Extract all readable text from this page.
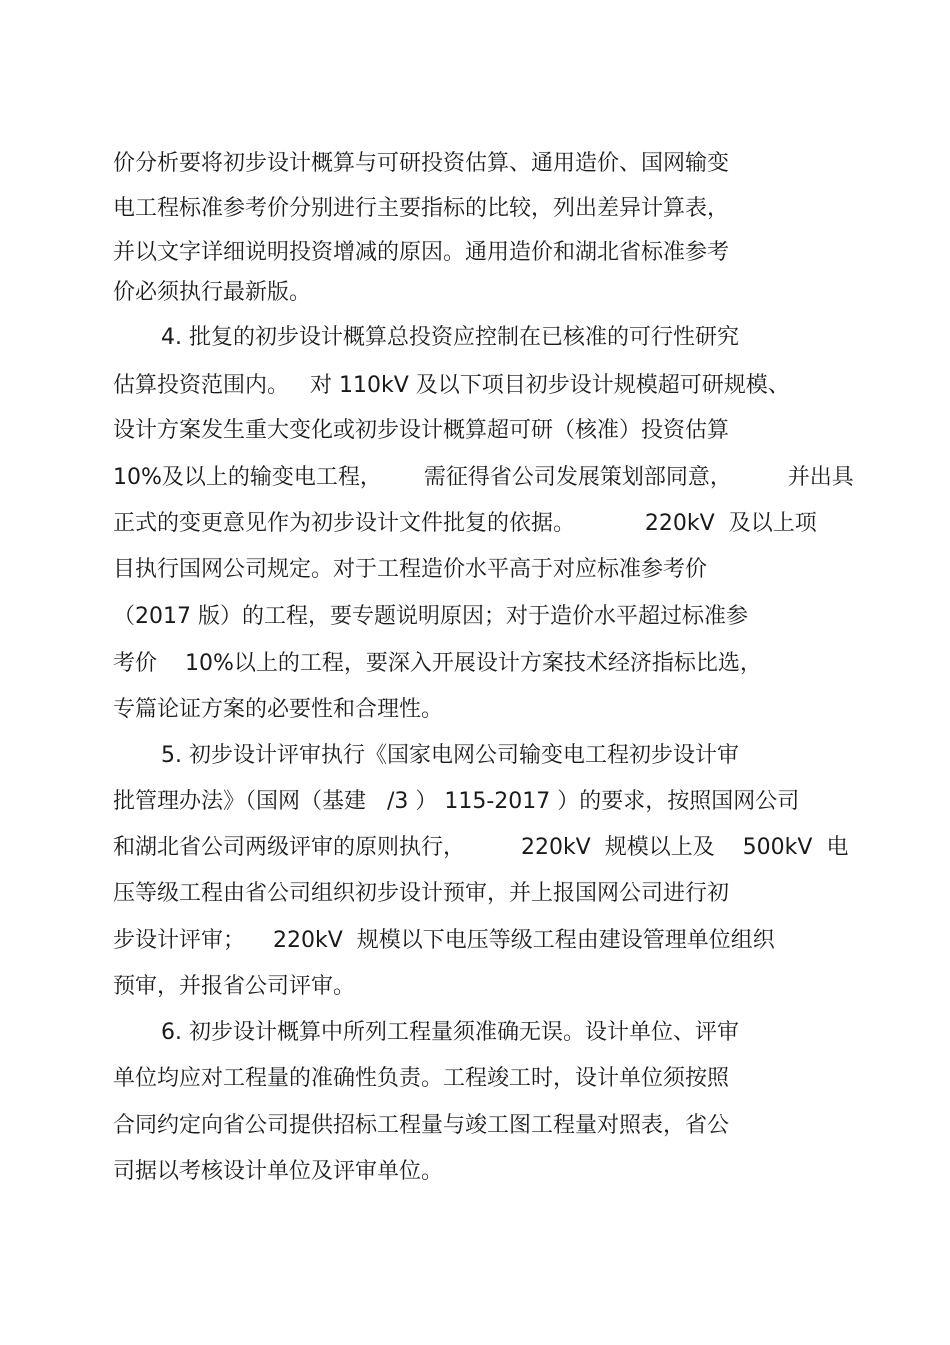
价分析要将初步设计概算与可研投资估算、通用造价、国网输变
电工程标准参考价分别进行主要指标的比较，列出差异计算表，
并以文字详细说明投资增减的原因。通用造价和湖北省标准参考
价必须执行最新版。
4. 批复的初步设计概算总投资应控制在已核准的可行性研究
估算投资范围内。   对 110kV 及以下项目初步设计规模超可研规模、
设计方案发生重大变化或初步设计概算超可研（核准）投资估算
10%及以上的输变电工程，      需征得省公司发展策划部同意，        并出具
正式的变更意见作为初步设计文件批复的依据。          220kV  及以上项
目执行国网公司规定。对于工程造价水平高于对应标准参考价
（2017 版）的工程，要专题说明原因；对于造价水平超过标准参
考价    10%以上的工程，要深入开展设计方案技术经济指标比选，
专篇论证方案的必要性和合理性。
5. 初步设计评审执行《国家电网公司输变电工程初步设计审
批管理办法》（国网（基建   /3 ） 115-2017 ）的要求，按照国网公司
和湖北省公司两级评审的原则执行，        220kV  规模以上及    500kV  电
压等级工程由省公司组织初步设计预审，并上报国网公司进行初
步设计评审；    220kV  规模以下电压等级工程由建设管理单位组织
预审，并报省公司评审。
6. 初步设计概算中所列工程量须准确无误。设计单位、评审
单位均应对工程量的准确性负责。工程竣工时，设计单位须按照
合同约定向省公司提供招标工程量与竣工图工程量对照表，省公
司据以考核设计单位及评审单位。
